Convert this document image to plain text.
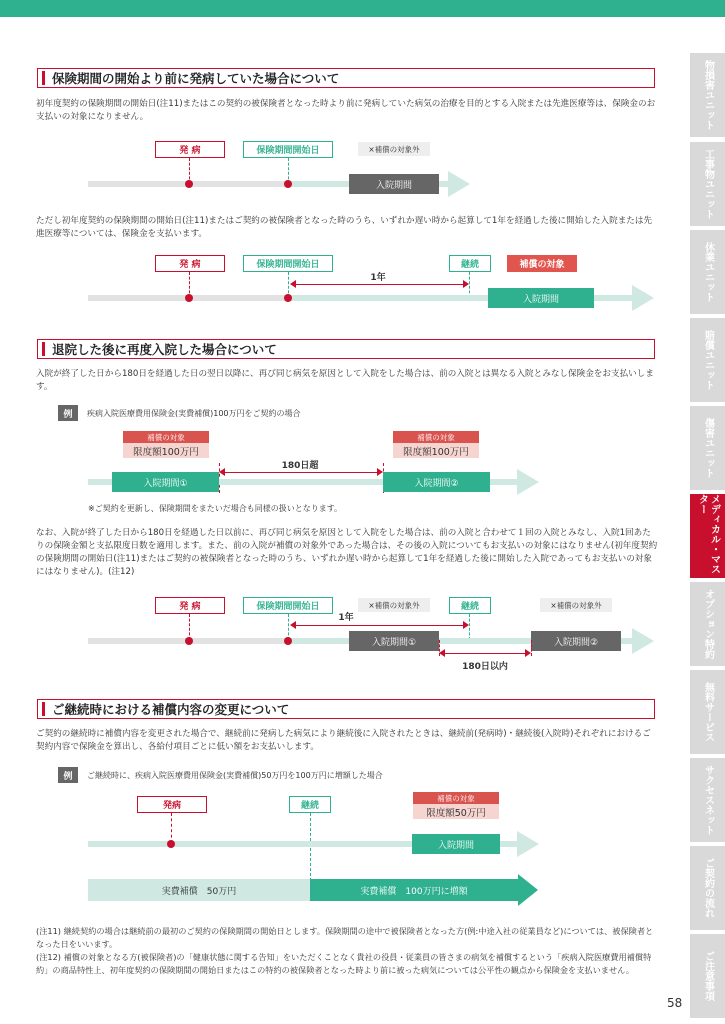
物損害ユニット
工事物ユニット
休業ユニット
賠償ユニット
傷害ユニット
メディカル・マスター
オプション特約
無料サービス
サクセスネット
ご契約の流れ
ご注意事項
保険期間の開始より前に発病していた場合について
初年度契約の保険期間の開始日(注11)またはこの契約の被保険者となった時より前に発病していた病気の治療を目的とする入院または先進医療等は、保険金のお支払いの対象になりません。
発 病	保険期間開始日	×補償の対象外
入院期間
ただし初年度契約の保険期間の開始日(注11)またはご契約の被保険者となった時のうち、いずれか遅い時から起算して1年を経過した後に開始した入院または先進医療等については、保険金を支払います。
発 病	保険期間開始日	継続	補償の対象
1年
入院期間
退院した後に再度入院した場合について
入院が終了した日から180日を経過した日の翌日以降に、再び同じ病気を原因として入院をした場合は、前の入院とは異なる入院とみなし保険金をお支払いします。
例	疾病入院医療費用保険金(実費補償)100万円をご契約の場合
補償の対象
限度額100万円
補償の対象
限度額100万円
180日超
入院期間①	入院期間②
※ご契約を更新し、保険期間をまたいだ場合も同様の扱いとなります。
なお、入院が終了した日から180日を経過した日以前に、再び同じ病気を原因として入院をした場合は、前の入院と合わせて１回の入院とみなし、入院1回あたりの保険金額と支払限度日数を適用します。また、前の入院が補償の対象外であった場合は、その後の入院についてもお支払いの対象にはなりません(初年度契約の保険期間の開始日(注11)またはご契約の被保険者となった時のうち、いずれか遅い時から起算して1年を経過した後に開始した入院であってもお支払いの対象にはなりません)。(注12)
発 病	保険期間開始日	×補償の対象外	継続	×補償の対象外
1年
入院期間①	入院期間②
180日以内
ご継続時における補償内容の変更について
ご契約の継続時に補償内容を変更された場合で、継続前に発病した病気により継続後に入院されたときは、継続前(発病時)・継続後(入院時)それぞれにおけるご契約内容で保険金を算出し、各給付項目ごとに低い額をお支払いします。
例	ご継続時に、疾病入院医療費用保険金(実費補償)50万円を100万円に増額した場合
発病	継続
補償の対象
限度額50万円
入院期間
実費補償　50万円	実費補償　100万円に増額
(注11) 継続契約の場合は継続前の最初のご契約の保険期間の開始日とします。保険期間の途中で被保険者となった方(例:中途入社の従業員など)については、被保険者となった日をいいます。
(注12) 補償の対象となる方(被保険者)の「健康状態に関する告知」をいただくことなく貴社の役員・従業員の皆さまの病気を補償するという「疾病入院医療費用補償特約」の商品特性上、初年度契約の保険期間の開始日またはこの特約の被保険者となった時より前に被った病気については公平性の観点から保険金を支払いません。
58
